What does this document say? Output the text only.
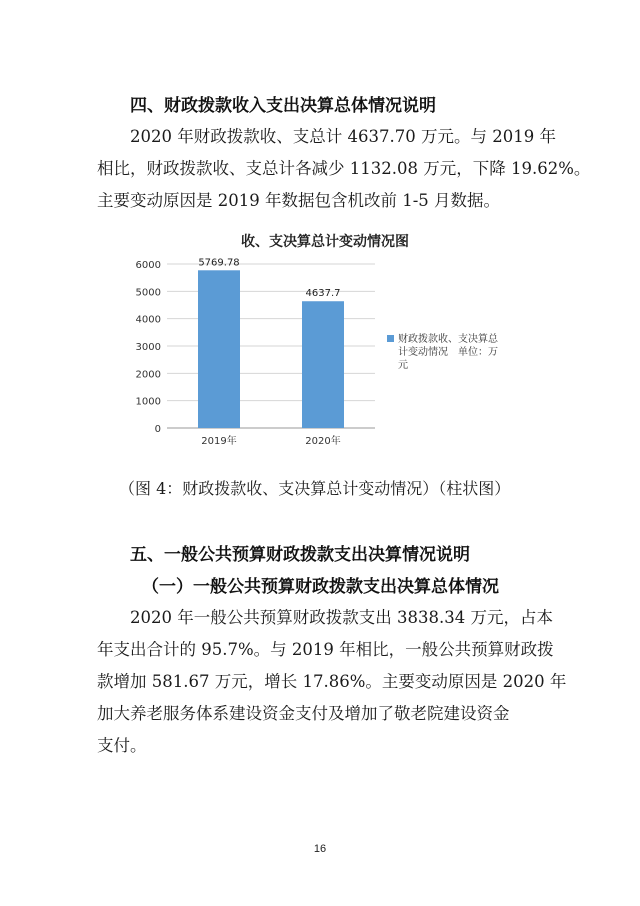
四、财政拨款收入支出决算总体情况说明
2020 年财政拨款收、支总计 4637.70 万元。与 2019 年
相比，财政拨款收、支总计各减少 1132.08 万元，下降 19.62%。
主要变动原因是 2019 年数据包含机改前 1-5 月数据。
收、支决算总计变动情况图
0
1000
2000
3000
4000
5000
6000
2019年	2020年
5769.78
4637.7
财政拨款收、支决算总
计变动情况　单位：万
元
（图 4：财政拨款收、支决算总计变动情况）（柱状图）
五、一般公共预算财政拨款支出决算情况说明
（一）一般公共预算财政拨款支出决算总体情况
2020 年一般公共预算财政拨款支出 3838.34 万元，占本
年支出合计的 95.7%。与 2019 年相比，一般公共预算财政拨
款增加 581.67 万元，增长 17.86%。主要变动原因是 2020 年
加大养老服务体系建设资金支付及增加了敬老院建设资金
支付。
16
